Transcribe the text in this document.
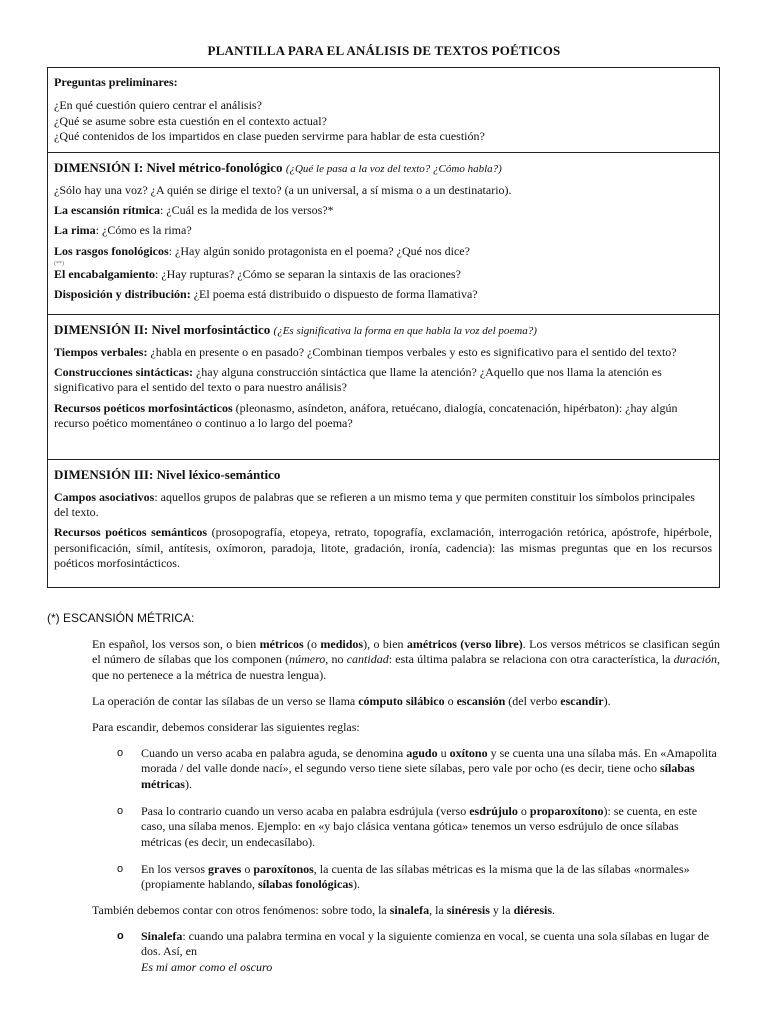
PLANTILLA PARA EL ANÁLISIS DE TEXTOS POÉTICOS

Preguntas preliminares:

¿En qué cuestión quiero centrar el análisis?

¿Qué se asume sobre esta cuestión en el contexto actual?

¿Qué contenidos de los impartidos en clase pueden servirme para hablar de esta cuestión?

DIMENSIÓN I: Nivel métrico-fonológico (¿Qué le pasa a la voz del texto? ¿Cómo habla?)

¿Sólo hay una voz? ¿A quién se dirige el texto? (a un universal, a sí misma o a un destinatario).

La escansión rítmica: ¿Cuál es la medida de los versos?*

La rima: ¿Cómo es la rima?

Los rasgos fonológicos: ¿Hay algún sonido protagonista en el poema? ¿Qué nos dice?

(**)

El encabalgamiento: ¿Hay rupturas? ¿Cómo se separan la sintaxis de las oraciones?

Disposición y distribución: ¿El poema está distribuido o dispuesto de forma llamativa?

DIMENSIÓN II: Nivel morfosintáctico (¿Es significativa la forma en que habla la voz del poema?)

Tiempos verbales: ¿habla en presente o en pasado? ¿Combinan tiempos verbales y esto es significativo para el sentido del texto?

Construcciones sintácticas: ¿hay alguna construcción sintáctica que llame la atención? ¿Aquello que nos llama la atención es significativo para el sentido del texto o para nuestro análisis?

Recursos poéticos morfosintácticos (pleonasmo, asíndeton, anáfora, retuécano, dialogía, concatenación, hipérbaton): ¿hay algún recurso poético momentáneo o continuo a lo largo del poema?

DIMENSIÓN III: Nivel léxico-semántico

Campos asociativos: aquellos grupos de palabras que se refieren a un mismo tema y que permiten constituir los símbolos principales del texto.

Recursos poéticos semánticos (prosopografía, etopeya, retrato, topografía, exclamación, interrogación retórica, apóstrofe, hipérbole, personificación, símil, antítesis, oxímoron, paradoja, litote, gradación, ironía, cadencia): las mismas preguntas que en los recursos poéticos morfosintácticos.

(*) ESCANSIÓN MÉTRICA:

En español, los versos son, o bien métricos (o medidos), o bien amétricos (verso libre). Los versos métricos se clasifican según el número de sílabas que los componen (número, no cantidad: esta última palabra se relaciona con otra característica, la duración, que no pertenece a la métrica de nuestra lengua).

La operación de contar las sílabas de un verso se llama cómputo silábico o escansión (del verbo escandir).

Para escandir, debemos considerar las siguientes reglas:

o	Cuando un verso acaba en palabra aguda, se denomina agudo u oxítono y se cuenta una una sílaba más. En «Amapolita morada / del valle donde nací», el segundo verso tiene siete sílabas, pero vale por ocho (es decir, tiene ocho sílabas métricas).

o	Pasa lo contrario cuando un verso acaba en palabra esdrújula (verso esdrújulo o proparoxítono): se cuenta, en este caso, una sílaba menos. Ejemplo: en «y bajo clásica ventana gótica» tenemos un verso esdrújulo de once sílabas métricas (es decir, un endecasílabo).

o	En los versos graves o paroxítonos, la cuenta de las sílabas métricas es la misma que la de las sílabas «normales» (propiamente hablando, sílabas fonológicas).

También debemos contar con otros fenómenos: sobre todo, la sinalefa, la sinéresis y la diéresis.

o	Sinalefa: cuando una palabra termina en vocal y la siguiente comienza en vocal, se cuenta una sola sílabas en lugar de dos. Así, en
Es mi amor como el oscuro
